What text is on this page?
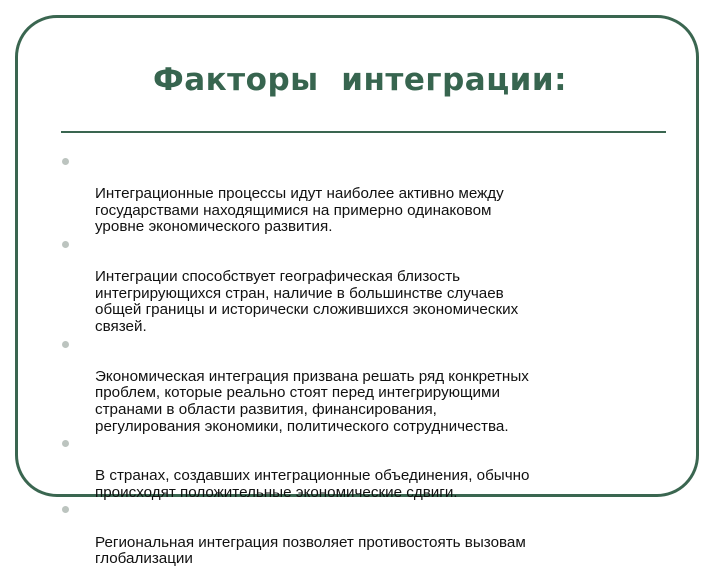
Факторы  интеграции:

Интеграционные процессы идут наиболее активно между
государствами находящимися на примерно одинаковом
уровне экономического развития.

Интеграции способствует географическая близость
интегрирующихся стран, наличие в большинстве случаев
общей границы и исторически сложившихся экономических
связей.

Экономическая интеграция призвана решать ряд конкретных
проблем, которые реально стоят перед интегрирующими
странами в области развития, финансирования,
регулирования экономики, политического сотрудничества.

В странах, создавших интеграционные объединения, обычно
происходят положительные экономические сдвиги.

Региональная интеграция позволяет противостоять вызовам
глобализации
